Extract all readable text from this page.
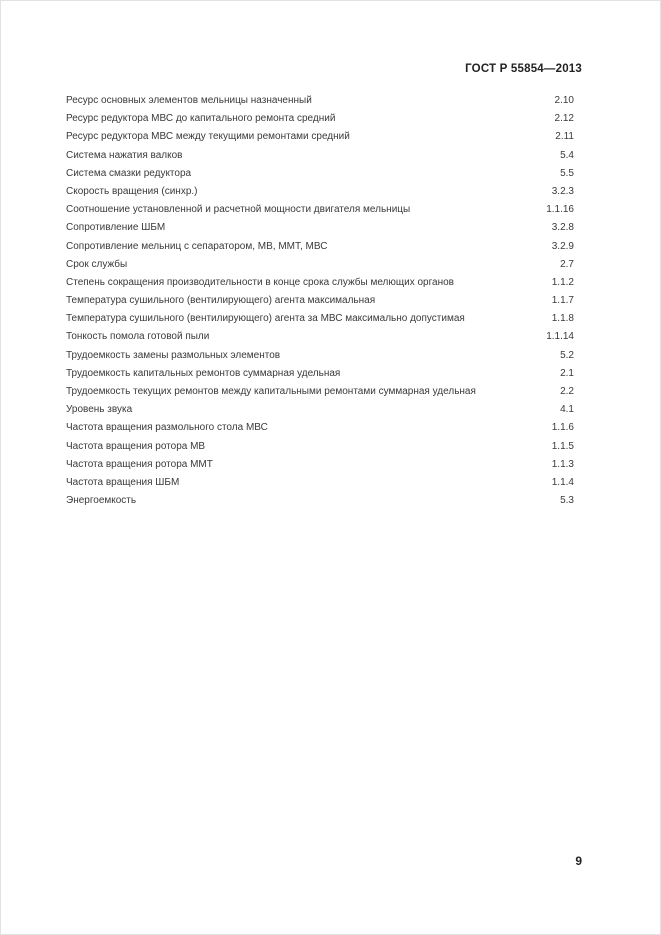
ГОСТ Р 55854—2013
Ресурс основных элементов мельницы назначенный	2.10
Ресурс редуктора МВС до капитального ремонта средний	2.12
Ресурс редуктора МВС между текущими ремонтами средний	2.11
Система нажатия валков	5.4
Система смазки редуктора	5.5
Скорость вращения (синхр.)	3.2.3
Соотношение установленной и расчетной мощности двигателя мельницы	1.1.16
Сопротивление ШБМ	3.2.8
Сопротивление мельниц с сепаратором, МВ, ММТ, МВС	3.2.9
Срок службы	2.7
Степень сокращения производительности в конце срока службы мелющих органов	1.1.2
Температура сушильного (вентилирующего) агента максимальная	1.1.7
Температура сушильного (вентилирующего) агента за МВС максимально допустимая	1.1.8
Тонкость помола готовой пыли	1.1.14
Трудоемкость замены размольных элементов	5.2
Трудоемкость капитальных ремонтов суммарная удельная	2.1
Трудоемкость текущих ремонтов между капитальными ремонтами суммарная удельная	2.2
Уровень звука	4.1
Частота вращения размольного стола МВС	1.1.6
Частота вращения ротора МВ	1.1.5
Частота вращения ротора ММТ	1.1.3
Частота вращения ШБМ	1.1.4
Энергоемкость	5.3
9
